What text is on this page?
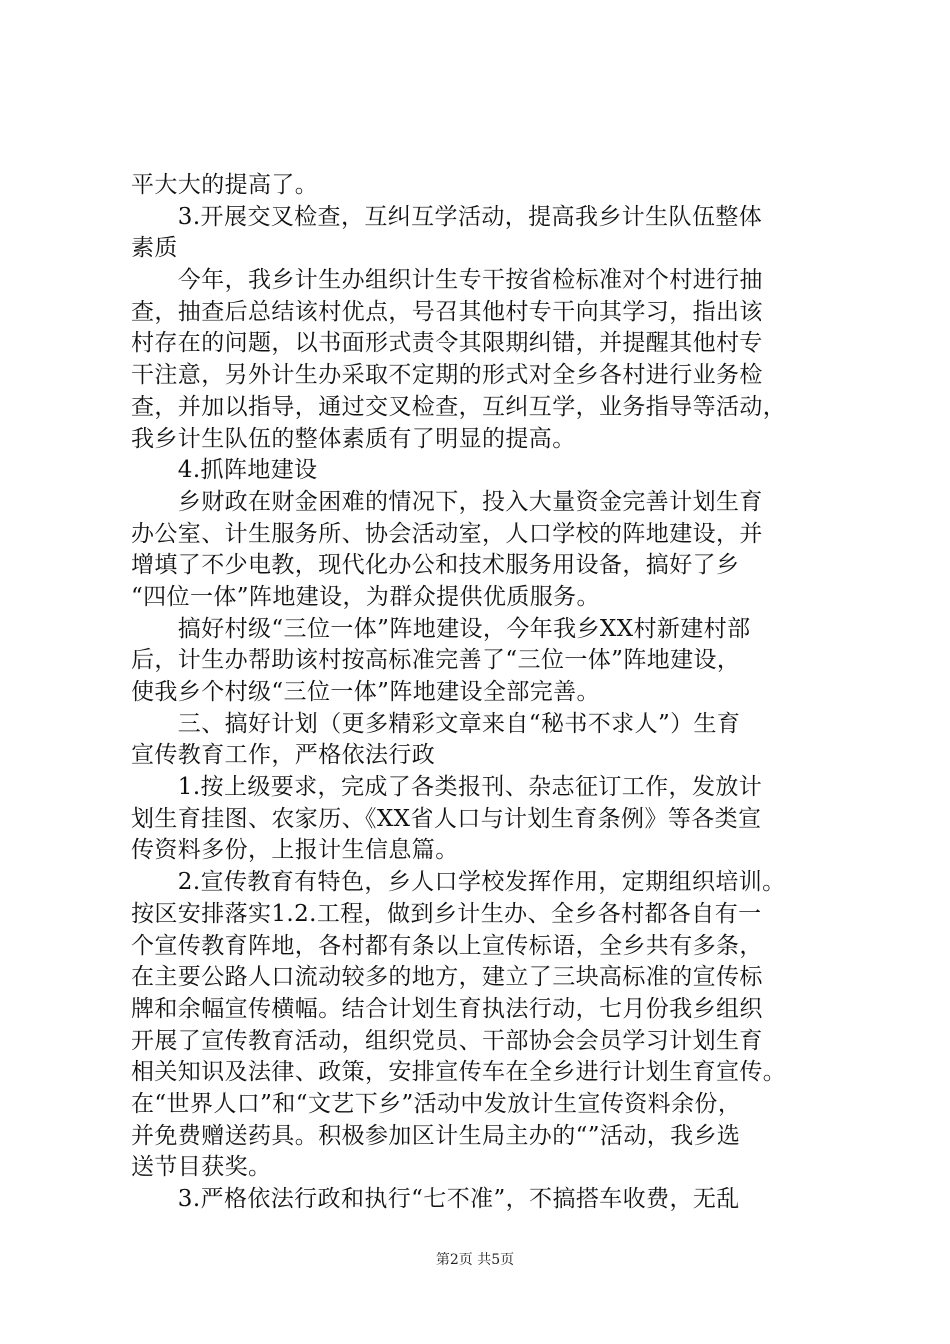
平大大的提高了。
　　3.开展交叉检查，互纠互学活动，提高我乡计生队伍整体
素质
　　今年，我乡计生办组织计生专干按省检标准对个村进行抽
查，抽查后总结该村优点，号召其他村专干向其学习，指出该
村存在的问题，以书面形式责令其限期纠错，并提醒其他村专
干注意，另外计生办采取不定期的形式对全乡各村进行业务检
查，并加以指导，通过交叉检查，互纠互学，业务指导等活动，
我乡计生队伍的整体素质有了明显的提高。
　　4.抓阵地建设
　　乡财政在财金困难的情况下，投入大量资金完善计划生育
办公室、计生服务所、协会活动室，人口学校的阵地建设，并
增填了不少电教，现代化办公和技术服务用设备，搞好了乡
“四位一体”阵地建设，为群众提供优质服务。
　　搞好村级“三位一体”阵地建设，今年我乡XX村新建村部
后，计生办帮助该村按高标准完善了“三位一体”阵地建设，
使我乡个村级“三位一体”阵地建设全部完善。
　　三、搞好计划（更多精彩文章来自“秘书不求人”）生育
宣传教育工作，严格依法行政
　　1.按上级要求，完成了各类报刊、杂志征订工作，发放计
划生育挂图、农家历、《XX省人口与计划生育条例》等各类宣
传资料多份，上报计生信息篇。
　　2.宣传教育有特色，乡人口学校发挥作用，定期组织培训。
按区安排落实1.2.工程，做到乡计生办、全乡各村都各自有一
个宣传教育阵地，各村都有条以上宣传标语，全乡共有多条，
在主要公路人口流动较多的地方，建立了三块高标准的宣传标
牌和余幅宣传横幅。结合计划生育执法行动，七月份我乡组织
开展了宣传教育活动，组织党员、干部协会会员学习计划生育
相关知识及法律、政策，安排宣传车在全乡进行计划生育宣传。
在“世界人口”和“文艺下乡”活动中发放计生宣传资料余份，
并免费赠送药具。积极参加区计生局主办的“”活动，我乡选
送节目获奖。
　　3.严格依法行政和执行“七不准”，不搞搭车收费，无乱
第2页 共5页
